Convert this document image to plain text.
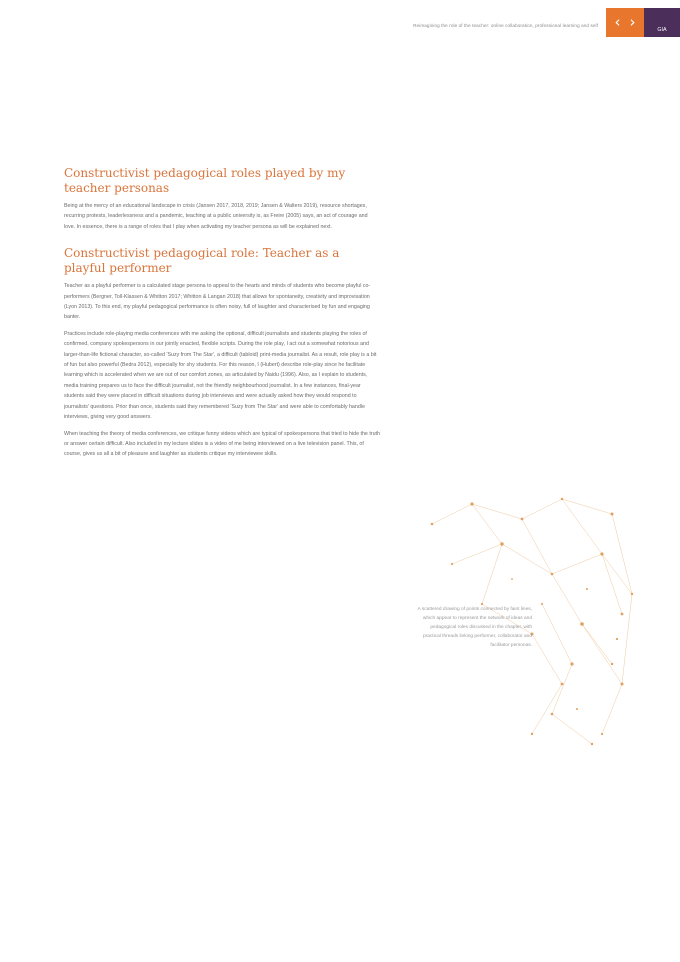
Reimagining the role of the teacher: online collaboration, professional learning and self ‹ ›	GIA
Constructivist pedagogical roles played by my teacher personas

Being at the mercy of an educational landscape in crisis (Jansen 2017, 2018, 2019; Jansen & Walters 2019), resource shortages, recurring protests, leaderlessness and a pandemic, teaching at a public university is, as Freire (2005) says, an act of courage and love. In essence, there is a range of roles that I play when activating my teacher persona as will be explained next.

Constructivist pedagogical role: Teacher as a playful performer

Teacher as a playful performer is a calculated stage persona to appeal to the hearts and minds of students who become playful co-performers (Bergner, Toll-Klassen & Whitton 2017; Whitton & Langan 2018) that allows for spontaneity, creativity and improvisation (Lyon 2013). To this end, my playful pedagogical performance is often noisy, full of laughter and characterised by fun and engaging banter.

Practices include role-playing media conferences with me asking the optional, difficult journalists and students playing the roles of confirmed, company spokespersons in our jointly enacted, flexible scripts. During the role play, I act out a somewhat notorious and larger-than-life fictional character, so-called 'Suzy from The Star', a difficult (tabloid) print-media journalist. As a result, role play is a bit of fun but also powerful (Bedra 2012), especially for shy students. For this reason, I (Hubert) describe role-play since he facilitate learning which is accelerated when we are out of our comfort zones, as articulated by Naidu (1996). Also, as I explain to students, media training prepares us to face the difficult journalist, not the friendly neighbourhood journalist. In a few instances, final-year students said they were placed in difficult situations during job interviews and were actually asked how they would respond to journalists' questions. Prior than once, students said they remembered 'Suzy from The Star' and were able to comfortably handle interviews, giving very good answers.

When teaching the theory of media conferences, we critique funny videos which are typical of spokespersons that tried to hide the truth or answer certain difficult. Also included in my lecture slides is a video of me being interviewed on a live television panel. This, of course, gives us all a bit of pleasure and laughter as students critique my interviewee skills.

A scattered drawing of points connected by faint lines, which appear to represent the network of ideas and pedagogical roles discussed in the chapter, with practical threads linking performer, collaborator and facilitator personas.
